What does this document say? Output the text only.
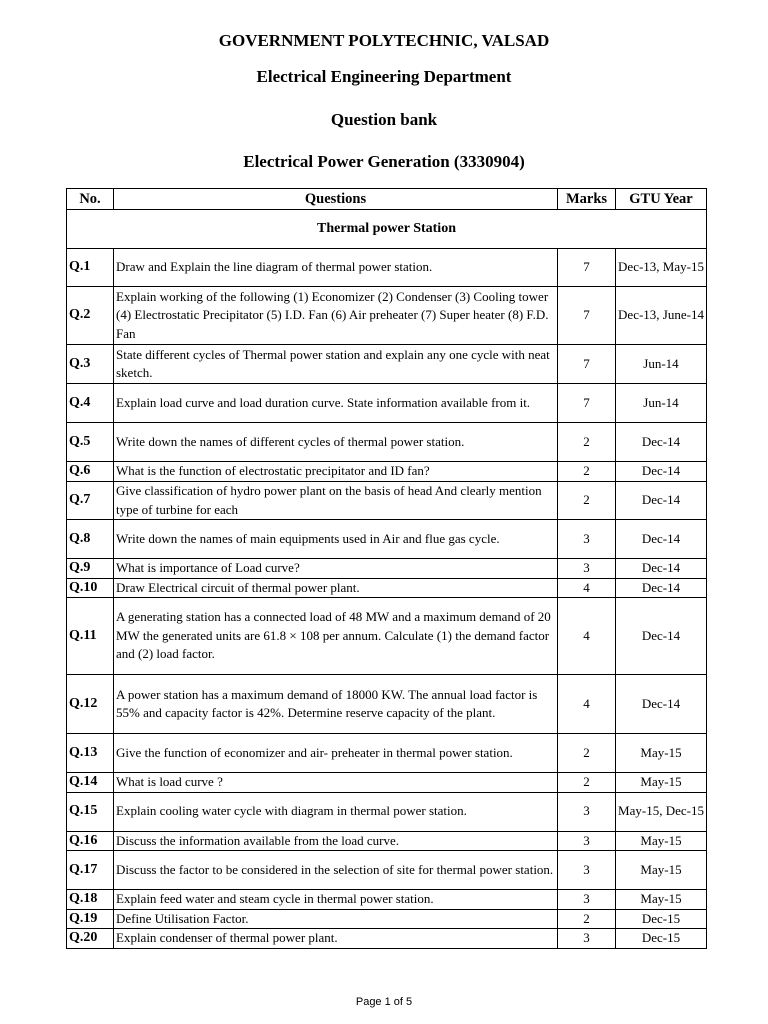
GOVERNMENT POLYTECHNIC, VALSAD
Electrical Engineering Department
Question bank
Electrical Power Generation (3330904)
No.	Questions	Marks	GTU Year
Thermal power Station			
Q.1	Draw and Explain the line diagram of thermal power station.	7	Dec-13, May-15
Q.2	Explain working of the following (1) Economizer (2) Condenser (3) Cooling tower (4) Electrostatic Precipitator (5) I.D. Fan (6) Air preheater (7) Super heater (8) F.D. Fan	7	Dec-13, June-14
Q.3	State different cycles of Thermal power station and explain any one cycle with neat sketch.	7	Jun-14
Q.4	Explain load curve and load duration curve. State information available from it.	7	Jun-14
Q.5	Write down the names of different cycles of thermal power station.	2	Dec-14
Q.6	What is the function of electrostatic precipitator and ID fan?	2	Dec-14
Q.7	Give classification of hydro power plant on the basis of head And clearly mention type of turbine for each	2	Dec-14
Q.8	Write down the names of main equipments used in Air and flue gas cycle.	3	Dec-14
Q.9	What is importance of Load curve?	3	Dec-14
Q.10	Draw Electrical circuit of thermal power plant.	4	Dec-14
Q.11	A generating station has a connected load of 48 MW and a maximum demand of 20 MW the generated units are 61.8 × 108 per annum. Calculate (1) the demand factor and (2) load factor.	4	Dec-14
Q.12	A power station has a maximum demand of 18000 KW. The annual load factor is 55% and capacity factor is 42%. Determine reserve capacity of the plant.	4	Dec-14
Q.13	Give the function of economizer and air- preheater in thermal power station.	2	May-15
Q.14	What is load curve ?	2	May-15
Q.15	Explain cooling water cycle with diagram in thermal power station.	3	May-15, Dec-15
Q.16	Discuss the information available from the load curve.	3	May-15
Q.17	Discuss the factor to be considered in the selection of site for thermal power station.	3	May-15
Q.18	Explain feed water and steam cycle in thermal power station.	3	May-15
Q.19	Define Utilisation Factor.	2	Dec-15
Q.20	Explain condenser of thermal power plant.	3	Dec-15
Page 1 of 5
